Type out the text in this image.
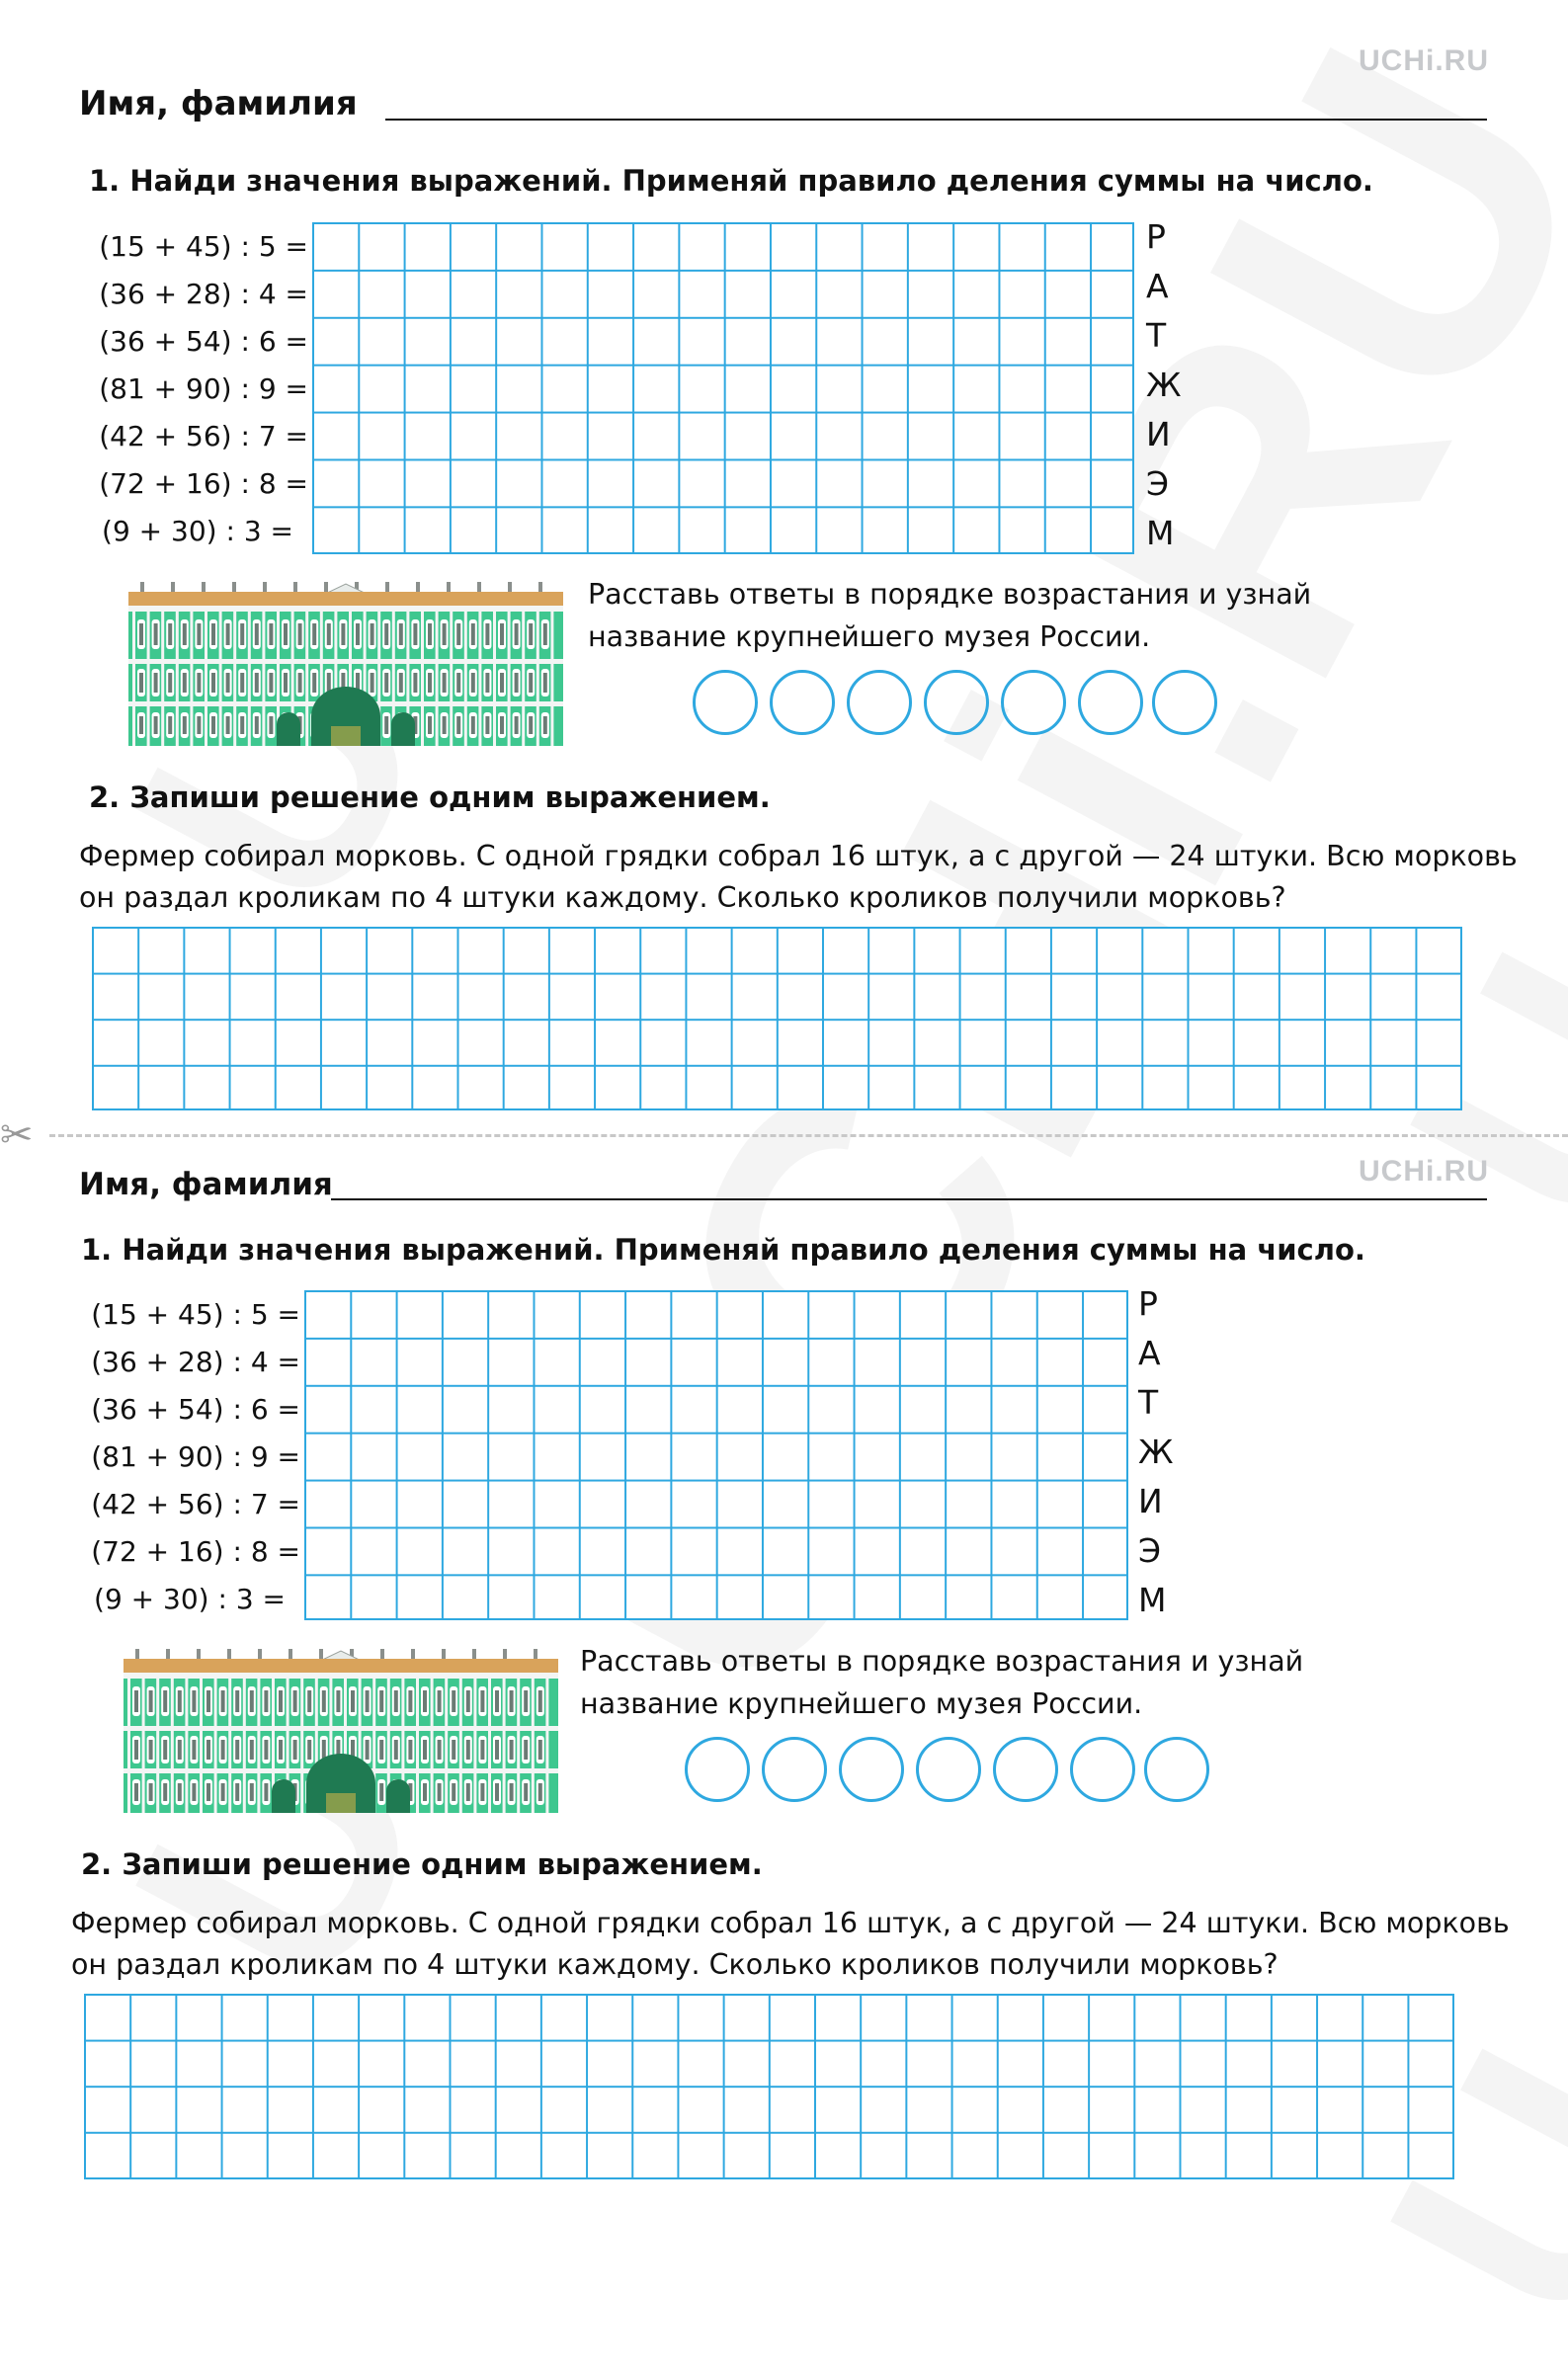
UCHi.RU
Имя, фамилия
1. Найди значения выражений. Применяй правило деления суммы на число.
(15 + 45) : 5 =
(36 + 28) : 4 =
(36 + 54) : 6 =
(81 + 90) : 9 =
(42 + 56) : 7 =
(72 + 16) : 8 =
(9 + 30) : 3 =
Р
А
Т
Ж
И
Э
М
Расставь ответы в порядке возрастания и узнай
название крупнейшего музея России.
2. Запиши решение одним выражением.
Фермер собирал морковь. С одной грядки собрал 16 штук, а с другой — 24 штуки. Всю морковь
он раздал кроликам по 4 штуки каждому. Сколько кроликов получили морковь?
✂
UCHi.RU
Имя, фамилия
1. Найди значения выражений. Применяй правило деления суммы на число.
(15 + 45) : 5 =
(36 + 28) : 4 =
(36 + 54) : 6 =
(81 + 90) : 9 =
(42 + 56) : 7 =
(72 + 16) : 8 =
(9 + 30) : 3 =
Р
А
Т
Ж
И
Э
М
Расставь ответы в порядке возрастания и узнай
название крупнейшего музея России.
2. Запиши решение одним выражением.
Фермер собирал морковь. С одной грядки собрал 16 штук, а с другой — 24 штуки. Всю морковь
он раздал кроликам по 4 штуки каждому. Сколько кроликов получили морковь?
